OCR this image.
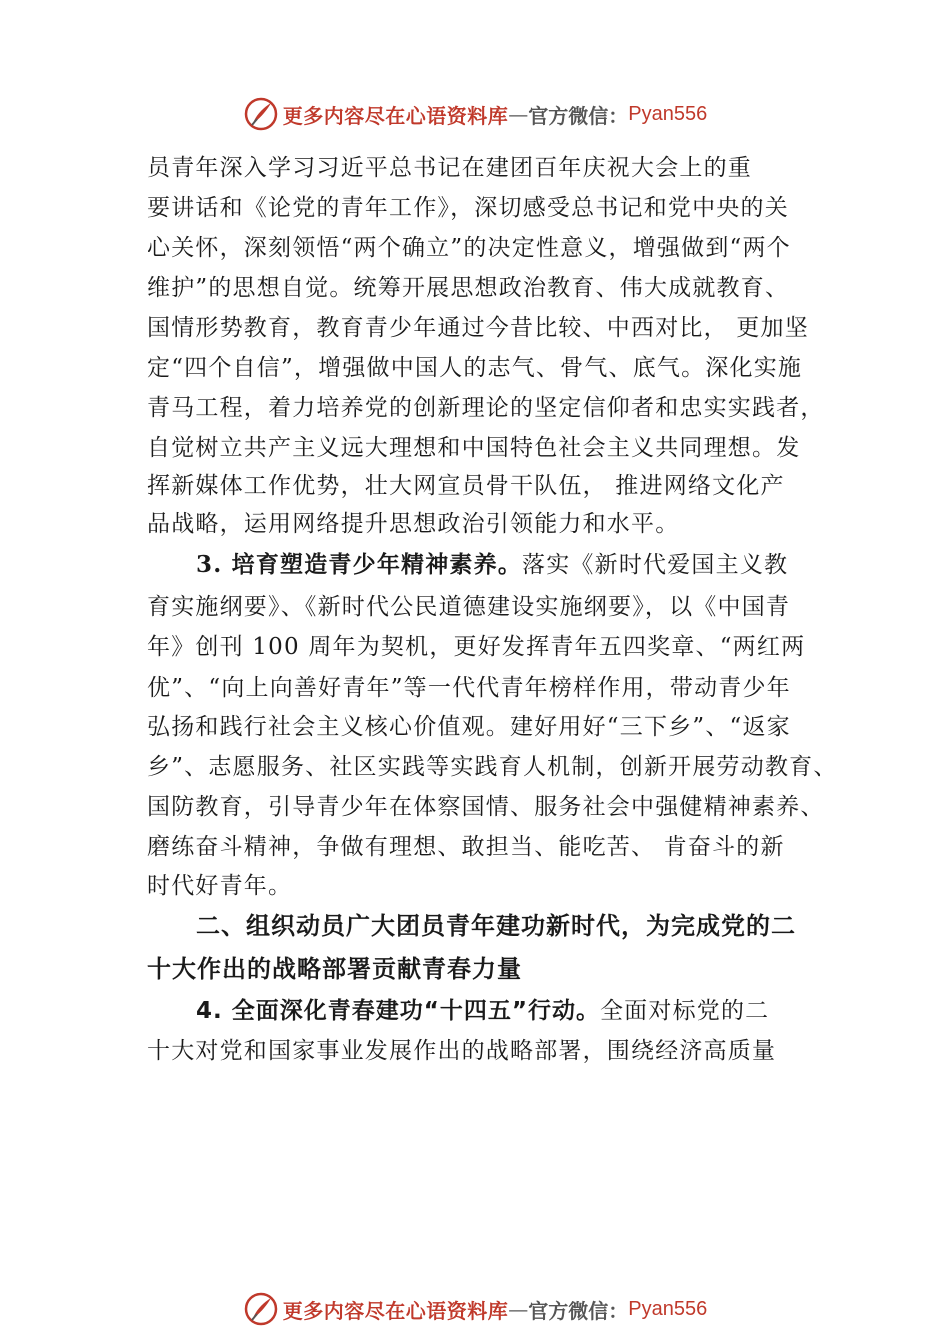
更多内容尽在心语资料库 — 官方微信： Pyan556
员青年深入学习习近平总书记在建团百年庆祝大会上的重
要讲话和《论党的青年工作》，深切感受总书记和党中央的关
心关怀，深刻领悟“两个确立”的决定性意义，增强做到“两个
维护”的思想自觉。统筹开展思想政治教育、伟大成就教育、
国情形势教育，教育青少年通过今昔比较、中西对比， 更加坚
定“四个自信”，增强做中国人的志气、骨气、底气。深化实施
青马工程，着力培养党的创新理论的坚定信仰者和忠实实践者，
自觉树立共产主义远大理想和中国特色社会主义共同理想。发
挥新媒体工作优势，壮大网宣员骨干队伍， 推进网络文化产
品战略，运用网络提升思想政治引领能力和水平。
3. 培育塑造青少年精神素养。落实《新时代爱国主义教
育实施纲要》、《新时代公民道德建设实施纲要》，以《中国青
年》创刊 100 周年为契机，更好发挥青年五四奖章、“两红两
优”、“向上向善好青年”等一代代青年榜样作用，带动青少年
弘扬和践行社会主义核心价值观。建好用好“三下乡”、“返家
乡”、志愿服务、社区实践等实践育人机制，创新开展劳动教育、
国防教育，引导青少年在体察国情、服务社会中强健精神素养、
磨练奋斗精神，争做有理想、敢担当、能吃苦、 肯奋斗的新
时代好青年。
二、组织动员广大团员青年建功新时代，为完成党的二
十大作出的战略部署贡献青春力量
4. 全面深化青春建功“十四五”行动。全面对标党的二
十大对党和国家事业发展作出的战略部署，围绕经济高质量
更多内容尽在心语资料库 — 官方微信： Pyan556
